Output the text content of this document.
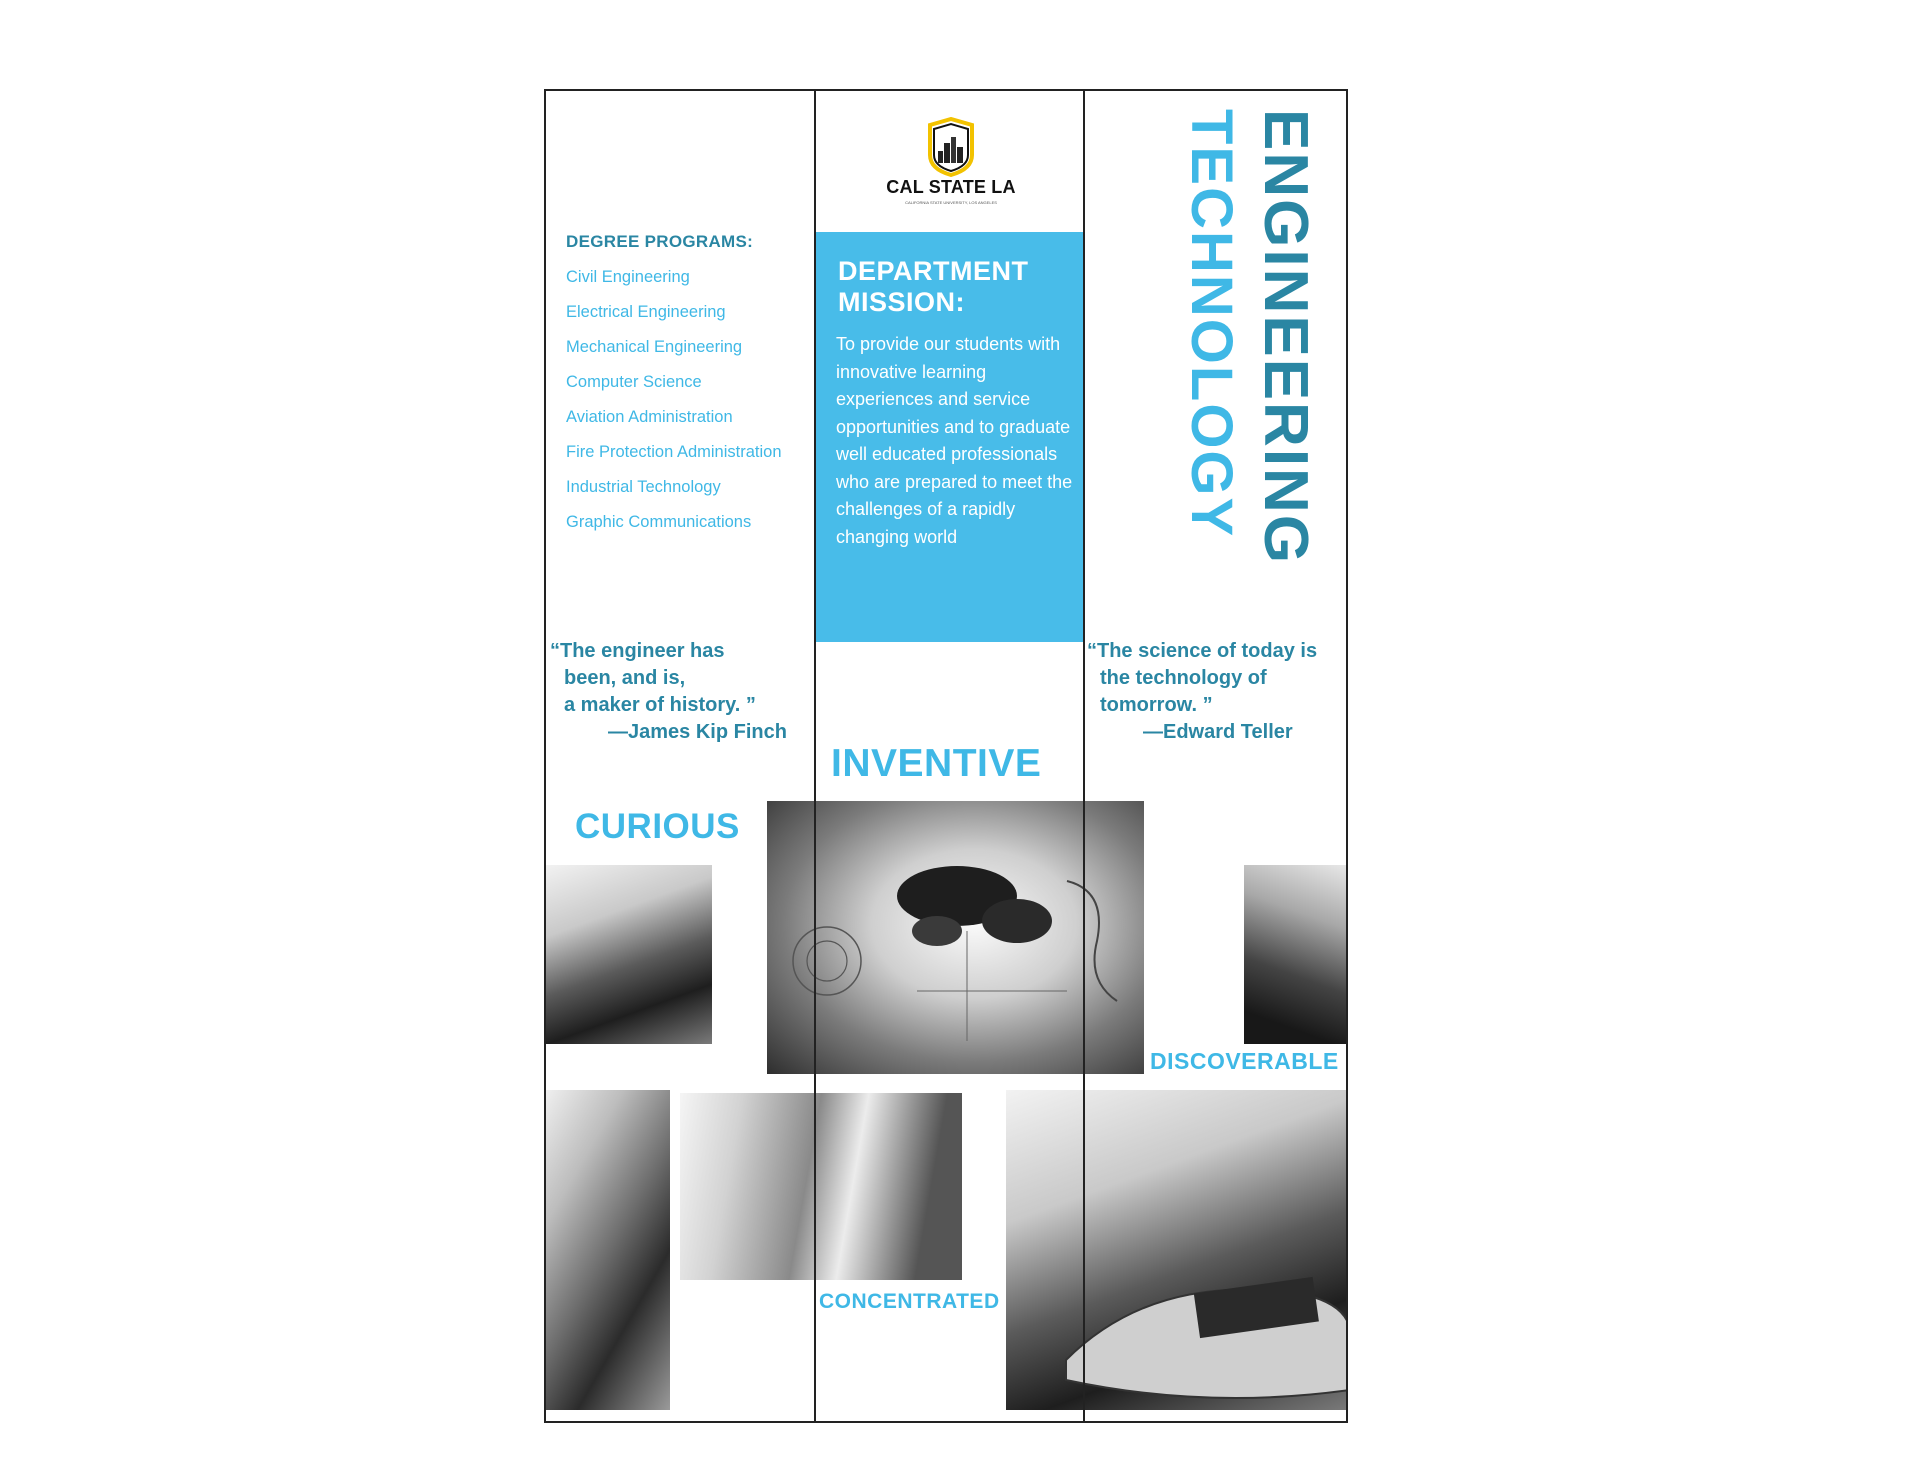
CAL STATE LA
CALIFORNIA STATE UNIVERSITY, LOS ANGELES
DEGREE PROGRAMS:
Civil Engineering
Electrical Engineering
Mechanical Engineering
Computer Science
Aviation Administration
Fire Protection Administration
Industrial Technology
Graphic Communications
DEPARTMENT MISSION:
To provide our students with innovative learning experiences and service opportunities and to graduate well educated professionals who are prepared to meet the challenges of a rapidly changing world	ENGINEERING
TECHNOLOGY
“The engineer has
been, and is,
a maker of history. ”
—James Kip Finch
“The science of today is
the technology of
tomorrow. ”
—Edward Teller
CURIOUS
INVENTIVE
DISCOVERABLE
CONCENTRATED
